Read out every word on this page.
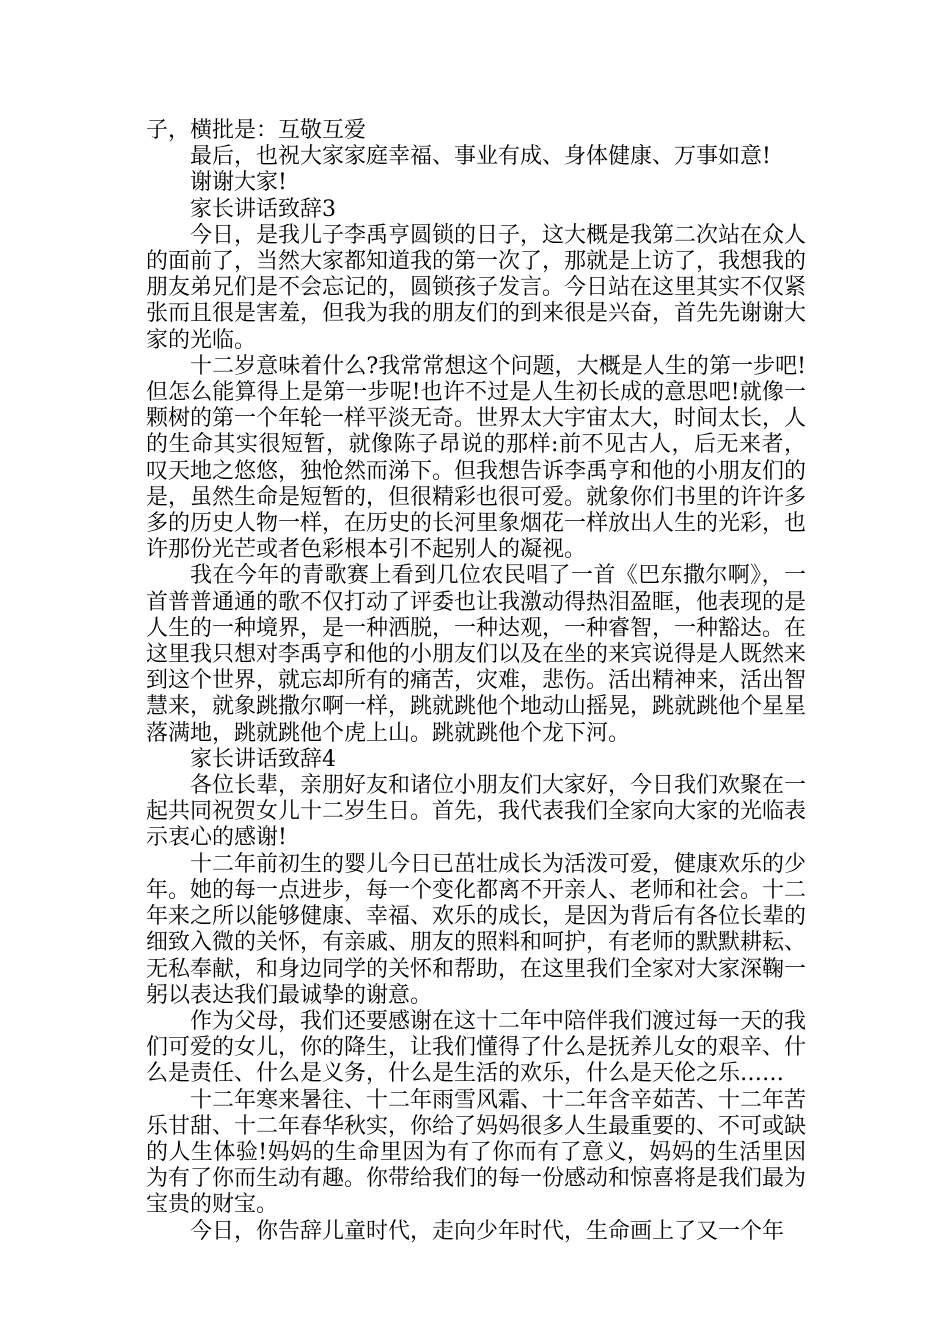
子，横批是：互敬互爱

最后，也祝大家家庭幸福、事业有成、身体健康、万事如意!

谢谢大家!

家长讲话致辞3

今日，是我儿子李禹亨圆锁的日子，这大概是我第二次站在众人的面前了，当然大家都知道我的第一次了，那就是上访了，我想我的朋友弟兄们是不会忘记的，圆锁孩子发言。今日站在这里其实不仅紧张而且很是害羞，但我为我的朋友们的到来很是兴奋，首先先谢谢大家的光临。

十二岁意味着什么?我常常想这个问题，大概是人生的第一步吧!但怎么能算得上是第一步呢!也许不过是人生初长成的意思吧!就像一颗树的第一个年轮一样平淡无奇。世界太大宇宙太大，时间太长，人的生命其实很短暂，就像陈子昂说的那样:前不见古人，后无来者，叹天地之悠悠，独怆然而涕下。但我想告诉李禹亨和他的小朋友们的是，虽然生命是短暂的，但很精彩也很可爱。就象你们书里的许许多多的历史人物一样，在历史的长河里象烟花一样放出人生的光彩，也许那份光芒或者色彩根本引不起别人的凝视。

我在今年的青歌赛上看到几位农民唱了一首《巴东撒尔啊》，一首普普通通的歌不仅打动了评委也让我激动得热泪盈眶，他表现的是人生的一种境界，是一种洒脱，一种达观，一种睿智，一种豁达。在这里我只想对李禹亨和他的小朋友们以及在坐的来宾说得是人既然来到这个世界，就忘却所有的痛苦，灾难，悲伤。活出精神来，活出智慧来，就象跳撒尔啊一样，跳就跳他个地动山摇晃，跳就跳他个星星落满地，跳就跳他个虎上山。跳就跳他个龙下河。

家长讲话致辞4

各位长辈，亲朋好友和诸位小朋友们大家好，今日我们欢聚在一起共同祝贺女儿十二岁生日。首先，我代表我们全家向大家的光临表示衷心的感谢!

十二年前初生的婴儿今日已茁壮成长为活泼可爱，健康欢乐的少年。她的每一点进步，每一个变化都离不开亲人、老师和社会。十二年来之所以能够健康、幸福、欢乐的成长，是因为背后有各位长辈的细致入微的关怀，有亲戚、朋友的照料和呵护，有老师的默默耕耘、无私奉献，和身边同学的关怀和帮助，在这里我们全家对大家深鞠一躬以表达我们最诚挚的谢意。

作为父母，我们还要感谢在这十二年中陪伴我们渡过每一天的我们可爱的女儿，你的降生，让我们懂得了什么是抚养儿女的艰辛、什么是责任、什么是义务，什么是生活的欢乐，什么是天伦之乐……

十二年寒来暑往、十二年雨雪风霜、十二年含辛茹苦、十二年苦乐甘甜、十二年春华秋实，你给了妈妈很多人生最重要的、不可或缺的人生体验!妈妈的生命里因为有了你而有了意义，妈妈的生活里因为有了你而生动有趣。你带给我们的每一份感动和惊喜将是我们最为宝贵的财宝。

今日，你告辞儿童时代，走向少年时代，生命画上了又一个年
